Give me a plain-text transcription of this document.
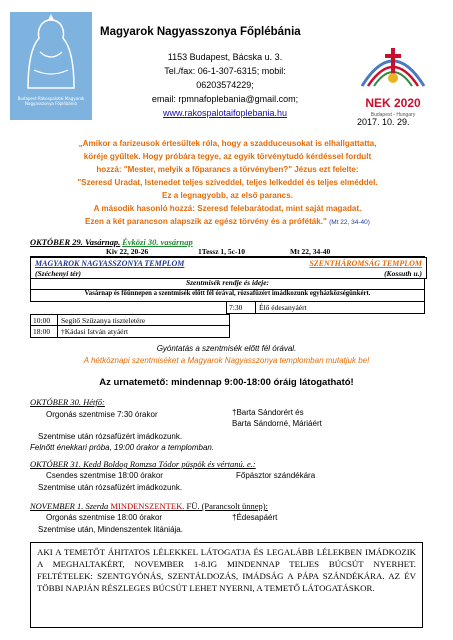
Budapest-Rákospalotai Magyarok Nagyasszonya Főplébánia
Magyarok Nagyasszonya Főplébánia
1153 Budapest, Bácska u. 3.
Tel./fax: 06-1-307-6315; mobil:
06203574229;
email: rpmnafoplebania@gmail.com;
www.rakospalotaifoplebania.hu
NEK 2020
Budapest - Hungary
2017. 10. 29.
„Amikor a farizeusok értesültek róla, hogy a szadduceusokat is elhallgattatta,
köréje gyűltek. Hogy próbára tegye, az egyik törvénytudó kérdéssel fordult
hozzá: "Mester, melyik a főparancs a törvényben?" Jézus ezt felelte:
"Szeresd Uradat, Istenedet teljes szíveddel, teljes lelkeddel és teljes elméddel.
Ez a legnagyobb, az első parancs.
A második hasonló hozzá: Szeresd felebarátodat, mint saját magadat.
Ezen a két parancson alapszik az egész törvény és a próféták." (Mt 22, 34-40)
OKTÓBER 29. Vasárnap. Évközi 30. vasárnap
Kiv 22, 20-26	1Tessz 1, 5c-10	Mt 22, 34-40
MAGYAROK NAGYASSZONYA TEMPLOM	SZENTHÁROMSÁG TEMPLOM
(Széchenyi tér)	(Kossuth u.)
Szentmisék rendje és ideje:
Vasárnap és főünnepen a szentmisék előtt fél órával, rózsafüzért imádkozunk egyházközségünkért.
7:30 Élő édesanyáért
10:00 Segítő Szűzanya tiszteletére
18:00 †Kádasi István atyáért
Gyóntatás a szentmisék előtt fél órával.
A hétköznapi szentmiséket a Magyarok Nagyasszonya templomban mutatjuk be!
Az urnatemető: mindennap 9:00-18:00 óráig látogatható!
OKTÓBER 30. Hétfő:
Orgonás szentmise 7:30 órakor	†Barta Sándorért és
Barta Sándorné, Máriáért
Szentmise után rózsafüzért imádkozunk.
Felnőtt énekkari próba, 19:00 órakor a templomban.
OKTÓBER 31. Kedd Boldog Romzsa Tódor püspök és vértanú. e.:
Csendes szentmise 18:00 órakor	Főpásztor szándékára
Szentmise után rózsafüzért imádkozunk.
NOVEMBER 1. Szerda MINDENSZENTEK. FÜ. (Parancsolt ünnep):
Orgonás szentmise 18:00 órakor	†Édesapáért
Szentmise után, Mindenszentek litániája.
AKI A TEMETŐT ÁHITATOS LÉLEKKEL LÁTOGATJA ÉS LEGALÁBB LÉLEKBEN IMÁDKOZIK A MEGHALTAKÉRT, NOVEMBER 1-8.IG MINDENNAP TELJES BÚCSÚT NYERHET. FELTÉTELEK: SZENTGYÓNÁS, SZENTÁLDOZÁS, IMÁDSÁG A PÁPA SZÁNDÉKÁRA. AZ ÉV TÖBBI NAPJÁN RÉSZLEGES BÚCSÚT LEHET NYERNI, A TEMETŐ LÁTOGATÁSKOR.
